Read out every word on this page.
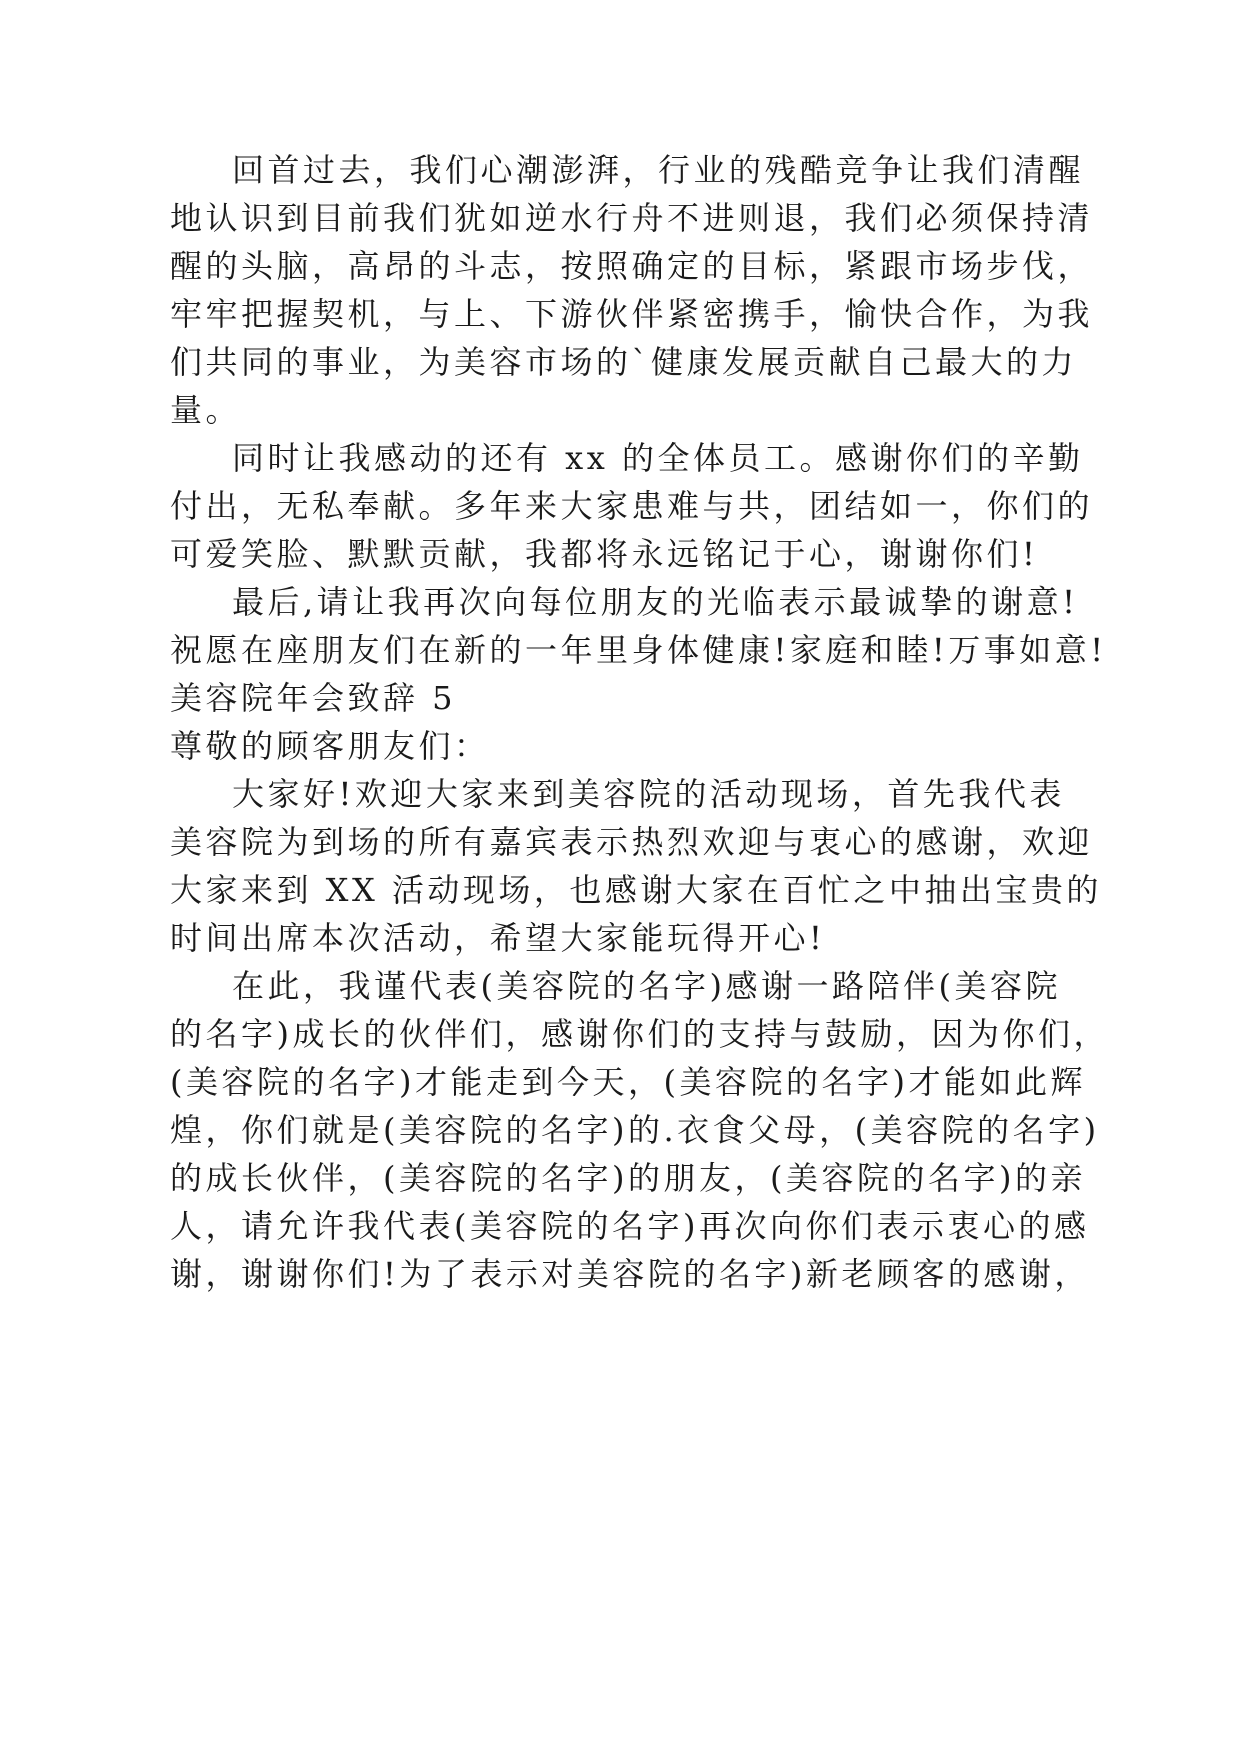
回首过去，我们心潮澎湃，行业的残酷竞争让我们清醒
地认识到目前我们犹如逆水行舟不进则退，我们必须保持清
醒的头脑，高昂的斗志，按照确定的目标，紧跟市场步伐，
牢牢把握契机，与上、下游伙伴紧密携手，愉快合作，为我
们共同的事业，为美容市场的`健康发展贡献自己最大的力
量。
同时让我感动的还有 xx 的全体员工。感谢你们的辛勤
付出，无私奉献。多年来大家患难与共，团结如一，你们的
可爱笑脸、默默贡献，我都将永远铭记于心，谢谢你们!
最后,请让我再次向每位朋友的光临表示最诚挚的谢意!
祝愿在座朋友们在新的一年里身体健康!家庭和睦!万事如意!
美容院年会致辞 5
尊敬的顾客朋友们：
大家好!欢迎大家来到美容院的活动现场，首先我代表
美容院为到场的所有嘉宾表示热烈欢迎与衷心的感谢，欢迎
大家来到 XX 活动现场，也感谢大家在百忙之中抽出宝贵的
时间出席本次活动，希望大家能玩得开心!
在此，我谨代表(美容院的名字)感谢一路陪伴(美容院
的名字)成长的伙伴们，感谢你们的支持与鼓励，因为你们，
(美容院的名字)才能走到今天，(美容院的名字)才能如此辉
煌，你们就是(美容院的名字)的.衣食父母，(美容院的名字)
的成长伙伴，(美容院的名字)的朋友，(美容院的名字)的亲
人，请允许我代表(美容院的名字)再次向你们表示衷心的感
谢，谢谢你们!为了表示对美容院的名字)新老顾客的感谢，
